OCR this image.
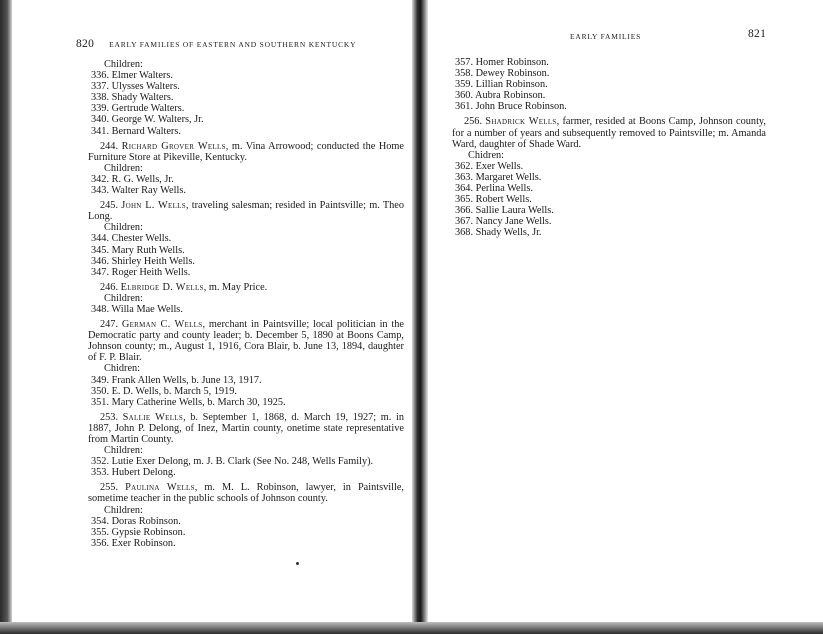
820 EARLY FAMILIES OF EASTERN AND SOUTHERN KENTUCKY
EARLY FAMILIES	821
Children:
336. Elmer Walters.
337. Ulysses Walters.
338. Shady Walters.
339. Gertrude Walters.
340. George W. Walters, Jr.
341. Bernard Walters.
244. Richard Grover Wells, m. Vina Arrowood; conducted the Home Furniture Store at Pikeville, Kentucky.
Children:
342. R. G. Wells, Jr.
343. Walter Ray Wells.
245. John L. Wells, traveling salesman; resided in Paintsville; m. Theo Long.
Children:
344. Chester Wells.
345. Mary Ruth Wells.
346. Shirley Heith Wells.
347. Roger Heith Wells.
246. Elbridge D. Wells, m. May Price.
Children:
348. Willa Mae Wells.
247. German C. Wells, merchant in Paintsville; local politician in the Democratic party and county leader; b. December 5, 1890 at Boons Camp, Johnson county; m., August 1, 1916, Cora Blair, b. June 13, 1894, daughter of F. P. Blair.
Chidren:
349. Frank Allen Wells, b. June 13, 1917.
350. E. D. Wells, b. March 5, 1919.
351. Mary Catherine Wells, b. March 30, 1925.
253. Sallie Wells, b. September 1, 1868, d. March 19, 1927; m. in 1887, John P. Delong, of Inez, Martin county, onetime state representative from Martin County.
Children:
352. Lutie Exer Delong, m. J. B. Clark (See No. 248, Wells Family).
353. Hubert Delong.
255. Paulina Wells, m. M. L. Robinson, lawyer, in Paintsville, sometime teacher in the public schools of Johnson county.
Children:
354. Doras Robinson.
355. Gypsie Robinson.
356. Exer Robinson.
357. Homer Robinson.
358. Dewey Robinson.
359. Lillian Robinson.
360. Aubra Robinson.
361. John Bruce Robinson.
256. Shadrick Wells, farmer, resided at Boons Camp, Johnson county, for a number of years and subsequently removed to Paintsville; m. Amanda Ward, daughter of Shade Ward.
Chidren:
362. Exer Wells.
363. Margaret Wells.
364. Perlina Wells.
365. Robert Wells.
366. Sallie Laura Wells.
367. Nancy Jane Wells.
368. Shady Wells, Jr.
